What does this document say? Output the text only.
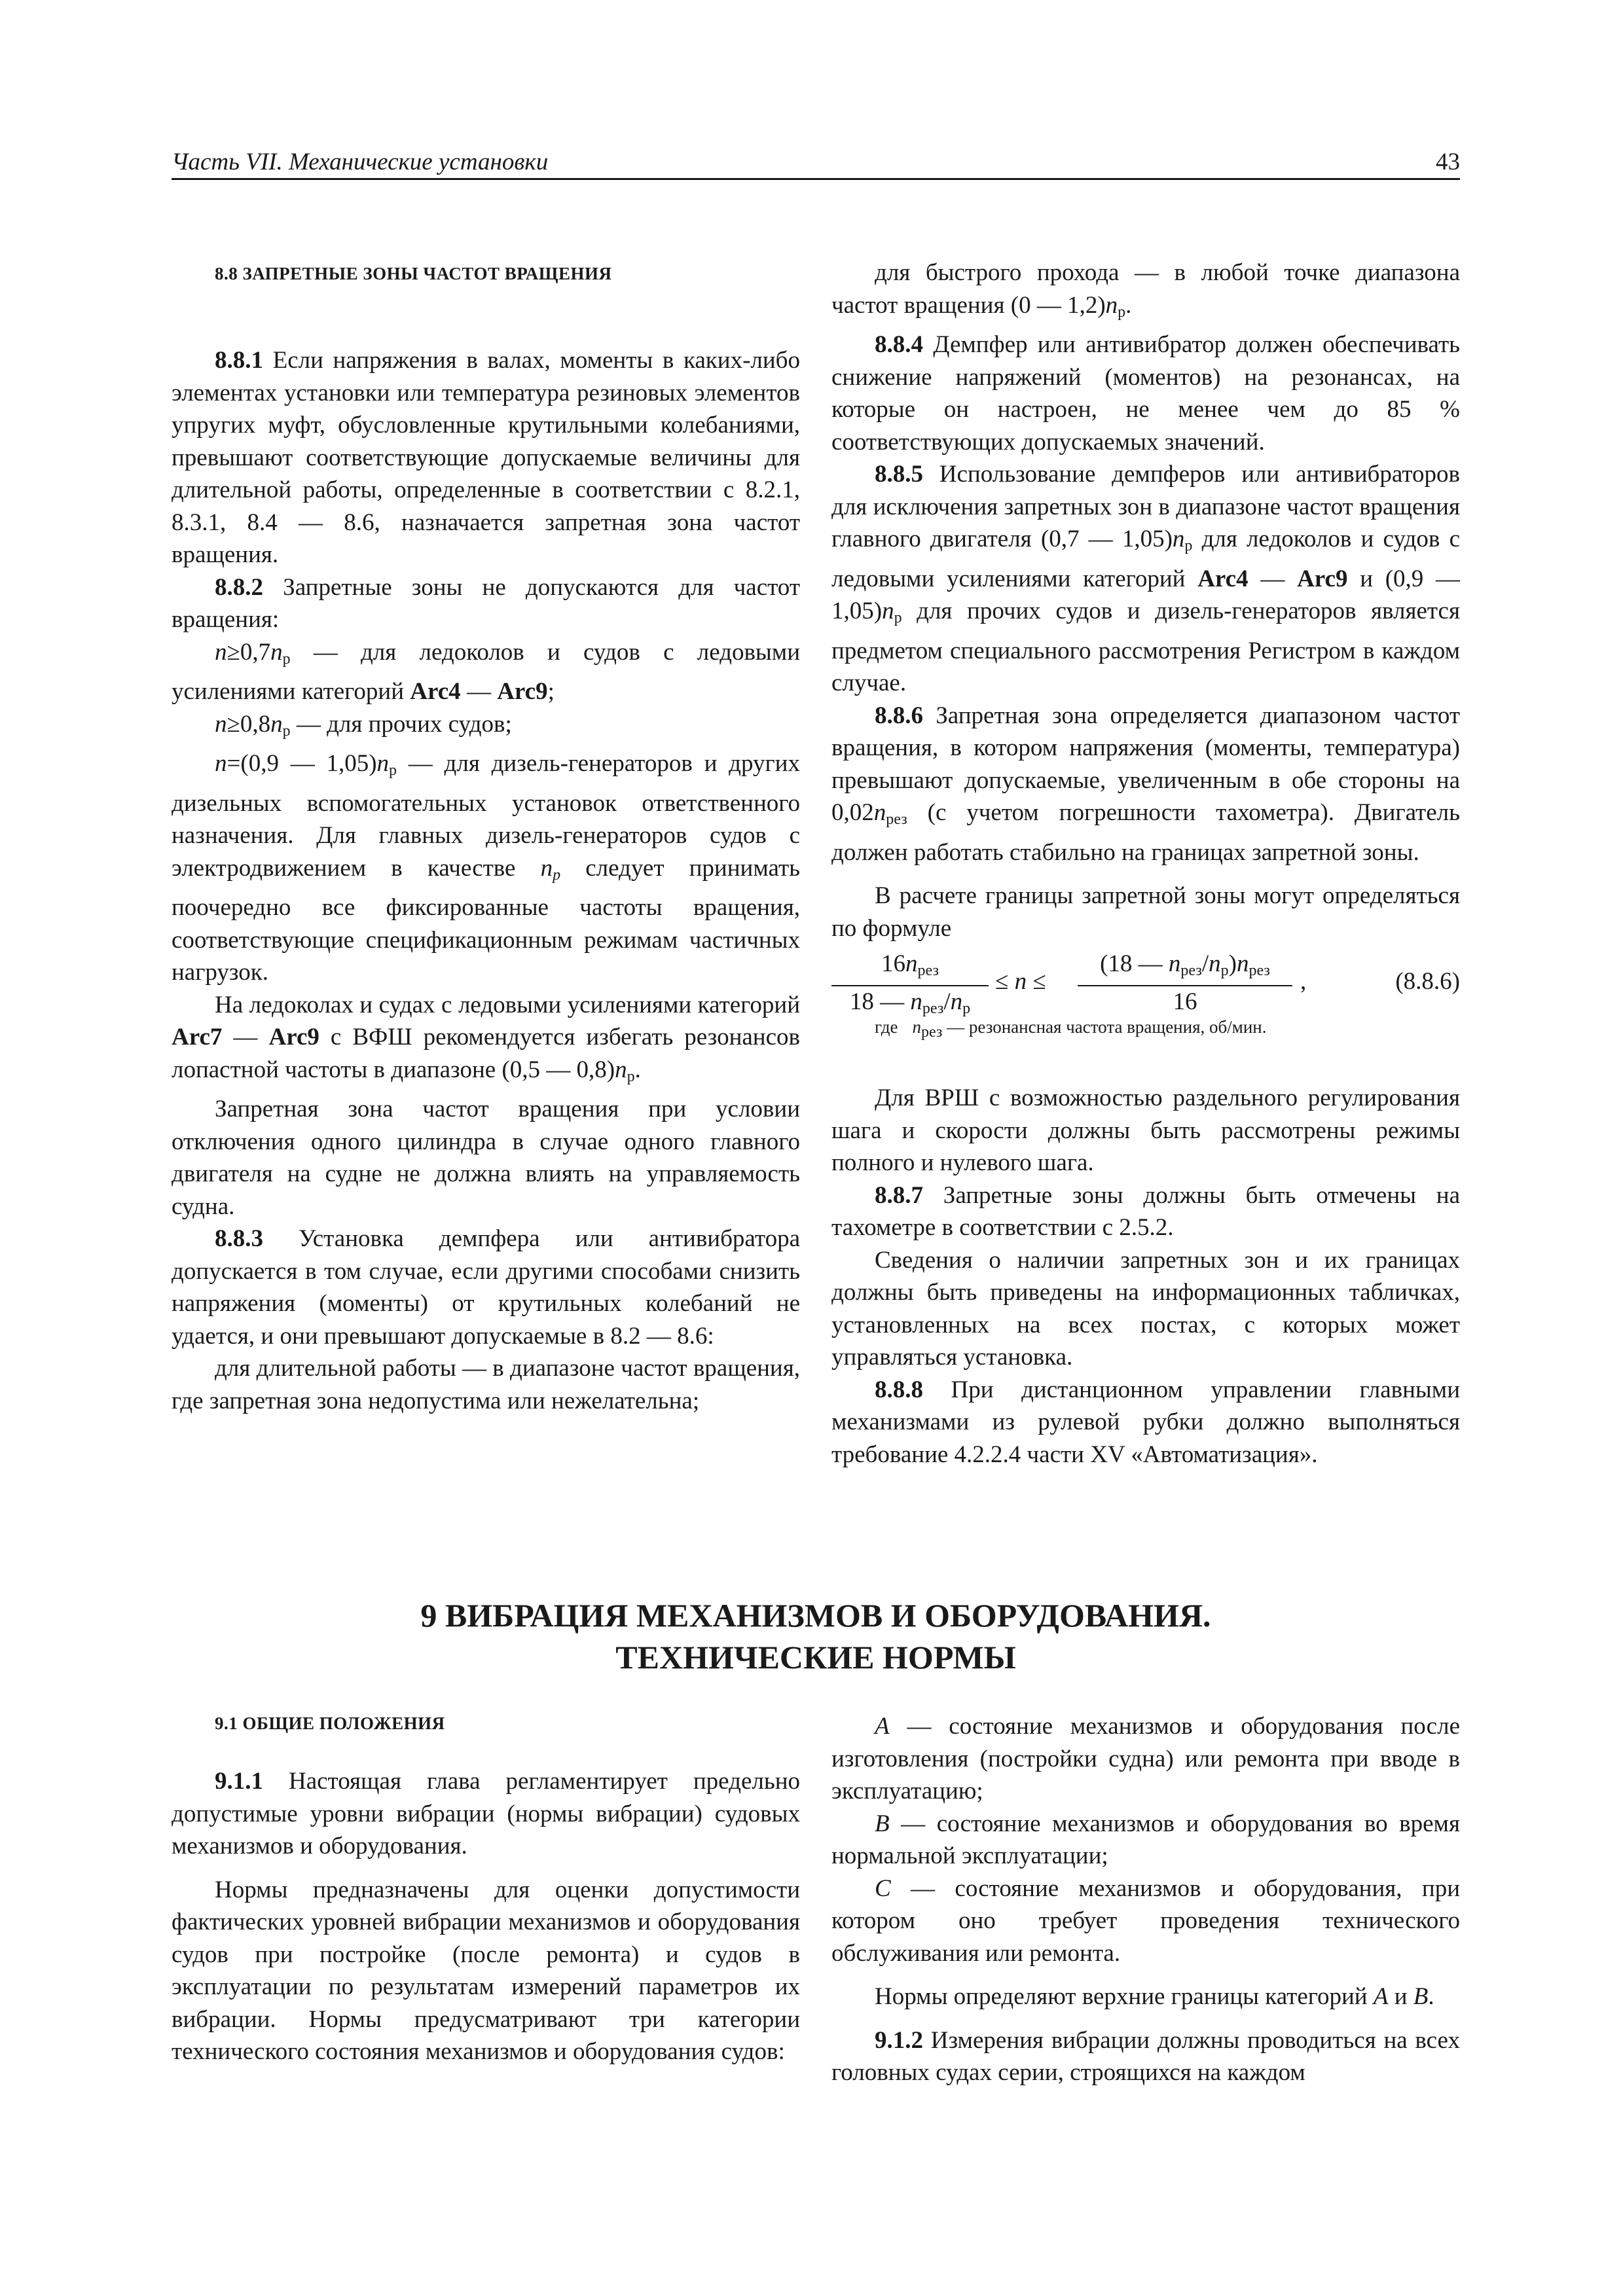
Часть VII. Механические установки	43

8.8 ЗАПРЕТНЫЕ ЗОНЫ ЧАСТОТ ВРАЩЕНИЯ

8.8.1 Если напряжения в валах, моменты в каких-либо элементах установки или температура резиновых элементов упругих муфт, обусловленные крутильными колебаниями, превышают соответствующие допускаемые величины для длительной работы, определенные в соответствии с 8.2.1, 8.3.1, 8.4 — 8.6, назначается запретная зона частот вращения.

8.8.2 Запретные зоны не допускаются для частот вращения:

$n\ge 0,7n_р$ — для ледоколов и судов с ледовыми усилениями категорий Arc4 — Arc9;

$n\ge 0,8n_р$ — для прочих судов;

n=(0,9 — $1,05)n_р$ — для дизель-генераторов и других дизельных вспомогательных установок ответственного назначения. Для главных дизель-генераторов судов с электродвижением в качестве $n_р$ следует принимать поочередно все фиксированные частоты вращения, соответствующие спецификационным режимам частичных нагрузок.

На ледоколах и судах с ледовыми усилениями категорий Arc7 — Arc9 с ВФШ рекомендуется избегать резонансов лопастной частоты в диапазоне (0,5 — $0,8)n_р$.

Запретная зона частот вращения при условии отключения одного цилиндра в случае одного главного двигателя на судне не должна влиять на управляемость судна.

8.8.3 Установка демпфера или антивибратора допускается в том случае, если другими способами снизить напряжения (моменты) от крутильных колебаний не удается, и они превышают допускаемые в 8.2 — 8.6:

для длительной работы — в диапазоне частот вращения, где запретная зона недопустима или нежелательна;

для быстрого прохода — в любой точке диапазона частот вращения (0 — $1,2)n_р$.

8.8.4 Демпфер или антивибратор должен обеспечивать снижение напряжений (моментов) на резонансах, на которые он настроен, не менее чем до 85 % соответствующих допускаемых значений.

8.8.5 Использование демпферов или антивибраторов для исключения запретных зон в диапазоне частот вращения главного двигателя (0,7 — $1,05)n_р$ для ледоколов и судов с ледовыми усилениями категорий Arc4 — Arc9 и (0,9 — $1,05)n_р$ для прочих судов и дизель-генераторов является предметом специального рассмотрения Регистром в каждом случае.

8.8.6 Запретная зона определяется диапазоном частот вращения, в котором напряжения (моменты, температура) превышают допускаемые, увеличенным в обе стороны на $0,02n_{рез}$ (с учетом погрешности тахометра). Двигатель должен работать стабильно на границах запретной зоны.

В расчете границы запретной зоны могут определяться по формуле

$16n_{рез}$
18 — $n_{рез}/n_р$
≤ n ≤
(18 — $n_{рез}/n_р)n_{рез}$
16
,	(8.8.6)

где $n_{рез}$ — резонансная частота вращения, об/мин.

Для ВРШ с возможностью раздельного регулирования шага и скорости должны быть рассмотрены режимы полного и нулевого шага.

8.8.7 Запретные зоны должны быть отмечены на тахометре в соответствии с 2.5.2.

Сведения о наличии запретных зон и их границах должны быть приведены на информационных табличках, установленных на всех постах, с которых может управляться установка.

8.8.8 При дистанционном управлении главными механизмами из рулевой рубки должно выполняться требование 4.2.2.4 части XV «Автоматизация».

9 ВИБРАЦИЯ МЕХАНИЗМОВ И ОБОРУДОВАНИЯ.
ТЕХНИЧЕСКИЕ НОРМЫ

9.1 ОБЩИЕ ПОЛОЖЕНИЯ

9.1.1 Настоящая глава регламентирует предельно допустимые уровни вибрации (нормы вибрации) судовых механизмов и оборудования.

Нормы предназначены для оценки допустимости фактических уровней вибрации механизмов и оборудования судов при постройке (после ремонта) и судов в эксплуатации по результатам измерений параметров их вибрации. Нормы предусматривают три категории технического состояния механизмов и оборудования судов:

A — состояние механизмов и оборудования после изготовления (постройки судна) или ремонта при вводе в эксплуатацию;

B — состояние механизмов и оборудования во время нормальной эксплуатации;

C — состояние механизмов и оборудования, при котором оно требует проведения технического обслуживания или ремонта.

Нормы определяют верхние границы категорий A и B.

9.1.2 Измерения вибрации должны проводиться на всех головных судах серии, строящихся на каждом
